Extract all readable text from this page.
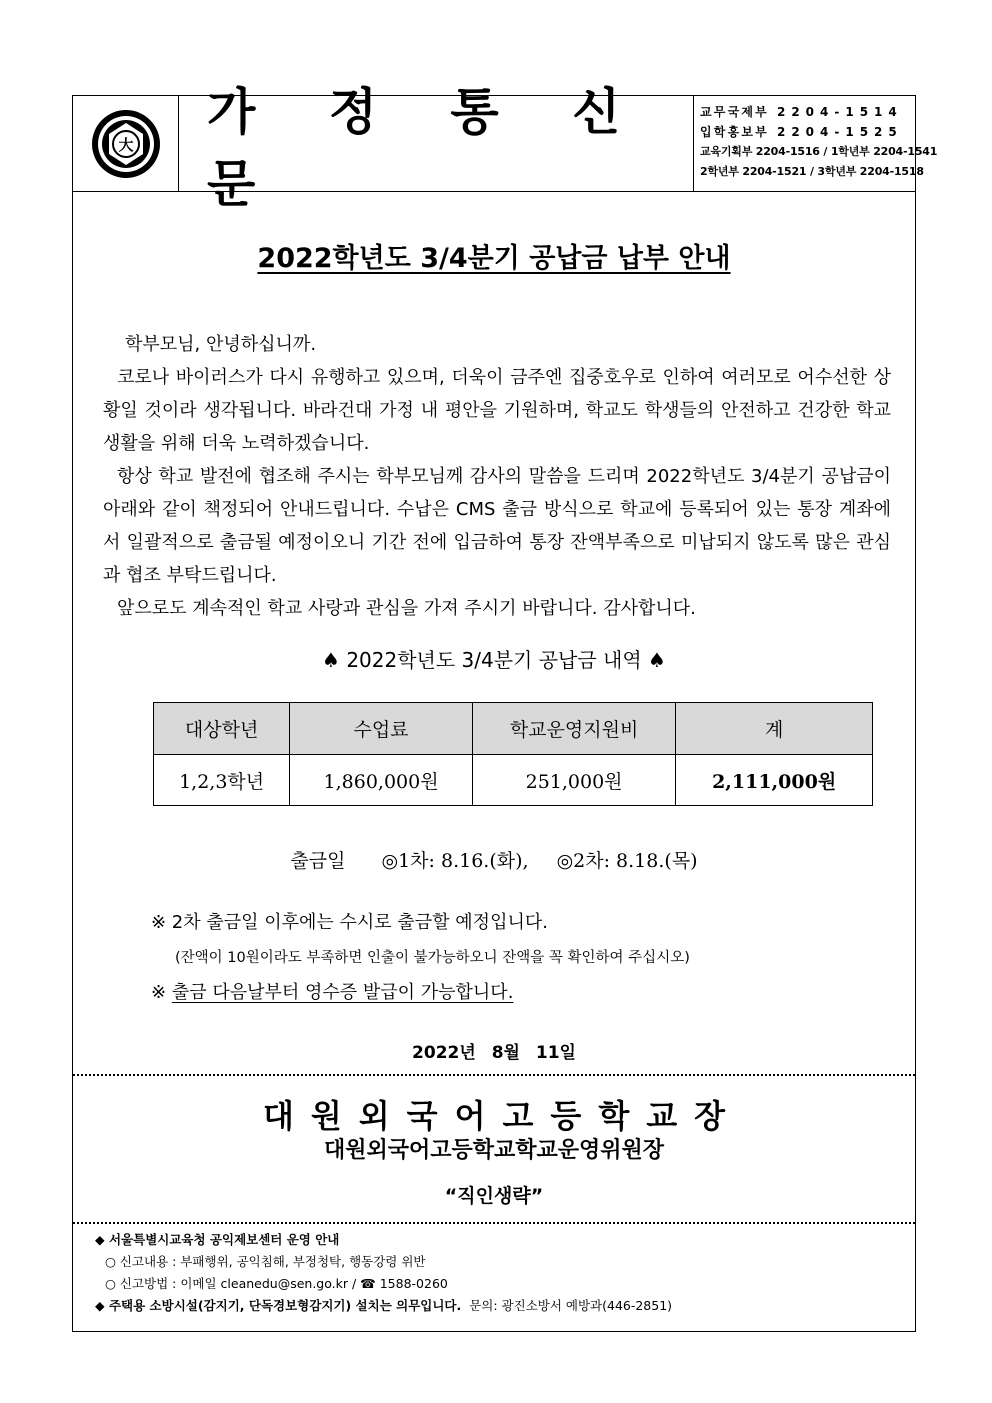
大
가 정 통 신 문
교무국제부 2204-1514
입학홍보부 2204-1525
교육기획부 2204-1516 / 1학년부 2204-1541
2학년부 2204-1521 / 3학년부 2204-1518
2022학년도 3/4분기 공납금 납부 안내

학부모님, 안녕하십니까.

코로나 바이러스가 다시 유행하고 있으며, 더욱이 금주엔 집중호우로 인하여 여러모로 어수선한 상황일 것이라 생각됩니다. 바라건대 가정 내 평안을 기원하며, 학교도 학생들의 안전하고 건강한 학교생활을 위해 더욱 노력하겠습니다.

항상 학교 발전에 협조해 주시는 학부모님께 감사의 말씀을 드리며 2022학년도 3/4분기 공납금이 아래와 같이 책정되어 안내드립니다. 수납은 CMS 출금 방식으로 학교에 등록되어 있는 통장 계좌에서 일괄적으로 출금될 예정이오니 기간 전에 입금하여 통장 잔액부족으로 미납되지 않도록 많은 관심과 협조 부탁드립니다.

앞으로도 계속적인 학교 사랑과 관심을 가져 주시기 바랍니다. 감사합니다.

♠ 2022학년도 3/4분기 공납금 내역 ♠
대상학년	수업료	학교운영지원비	계
1,2,3학년	1,860,000원	251,000원	2,111,000원
출금일 ◎1차: 8.16.(화), ◎2차: 8.18.(목)
※ 2차 출금일 이후에는 수시로 출금할 예정입니다.
(잔액이 10원이라도 부족하면 인출이 불가능하오니 잔액을 꼭 확인하여 주십시오)
※ 출금 다음날부터 영수증 발급이 가능합니다.
2022년 8월 11일
대원외국어고등학교장
대원외국어고등학교학교운영위원장
“직인생략”
◆ 서울특별시교육청 공익제보센터 운영 안내
○ 신고내용 : 부패행위, 공익침해, 부정청탁, 행동강령 위반
○ 신고방법 : 이메일 cleanedu@sen.go.kr / ☎ 1588-0260
◆ 주택용 소방시설(감지기, 단독경보형감지기) 설치는 의무입니다. 문의: 광진소방서 예방과(446-2851)
